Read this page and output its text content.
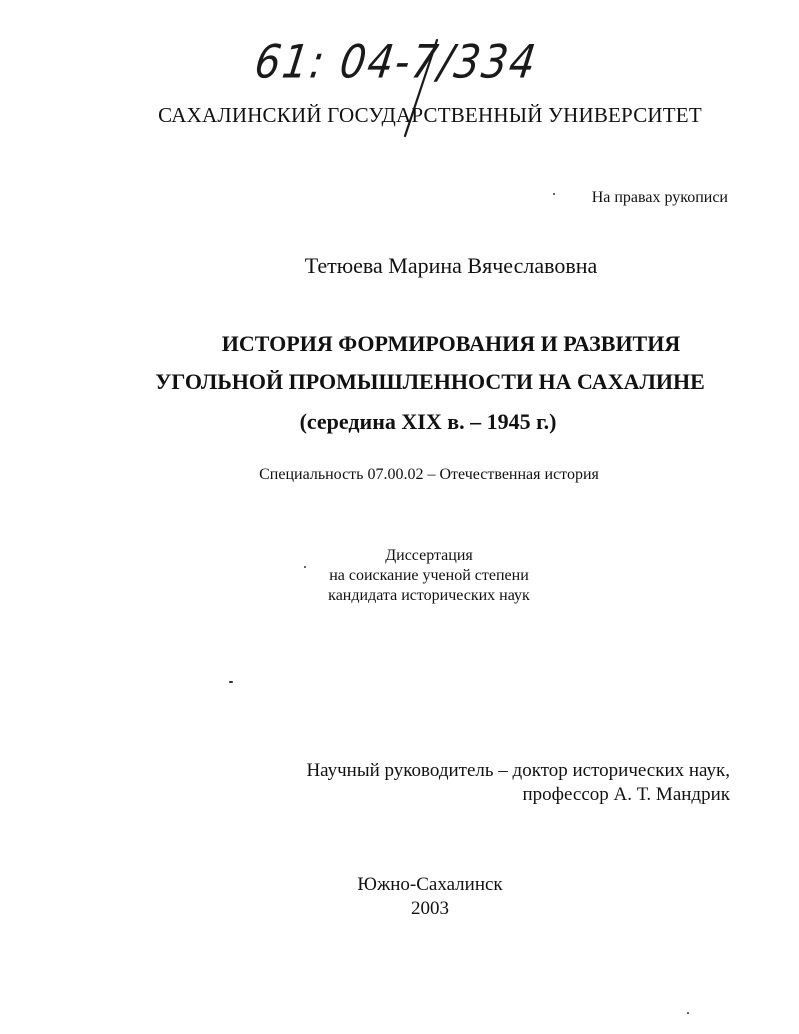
61: 04-7/334
САХАЛИНСКИЙ ГОСУДАРСТВЕННЫЙ УНИВЕРСИТЕТ
На правах рукописи
Тетюева Марина Вячеславовна
ИСТОРИЯ ФОРМИРОВАНИЯ И РАЗВИТИЯ
УГОЛЬНОЙ ПРОМЫШЛЕННОСТИ НА САХАЛИНЕ
(середина XIX в. – 1945 г.)
Специальность 07.00.02 – Отечественная история
Диссертация
на соискание ученой степени
кандидата исторических наук
Научный руководитель – доктор исторических наук,
профессор А. Т. Мандрик
Южно-Сахалинск
2003
